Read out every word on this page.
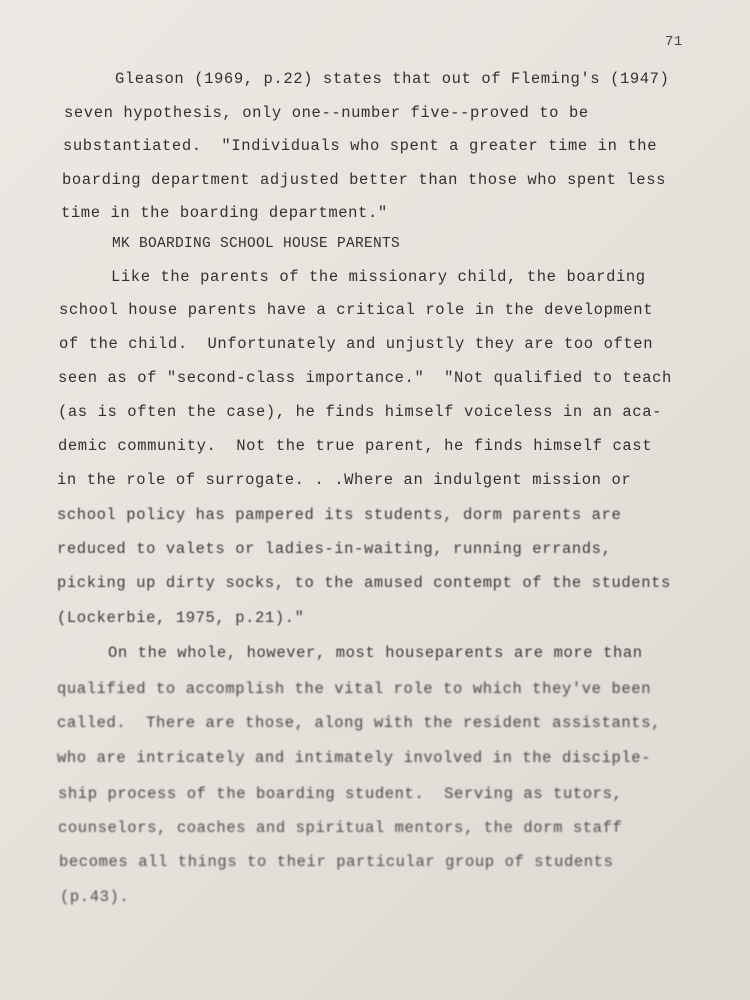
71
Gleason (1969, p.22) states that out of Fleming's (1947)
seven hypothesis, only one--number five--proved to be
substantiated.  "Individuals who spent a greater time in the
boarding department adjusted better than those who spent less
time in the boarding department."
MK BOARDING SCHOOL HOUSE PARENTS
Like the parents of the missionary child, the boarding
school house parents have a critical role in the development
of the child.  Unfortunately and unjustly they are too often
seen as of "second-class importance."  "Not qualified to teach
(as is often the case), he finds himself voiceless in an aca-
demic community.  Not the true parent, he finds himself cast
in the role of surrogate. . .Where an indulgent mission or
school policy has pampered its students, dorm parents are
reduced to valets or ladies-in-waiting, running errands,
picking up dirty socks, to the amused contempt of the students
(Lockerbie, 1975, p.21)."
On the whole, however, most houseparents are more than
qualified to accomplish the vital role to which they've been
called.  There are those, along with the resident assistants,
who are intricately and intimately involved in the disciple-
ship process of the boarding student.  Serving as tutors,
counselors, coaches and spiritual mentors, the dorm staff
becomes all things to their particular group of students
(p.43).
